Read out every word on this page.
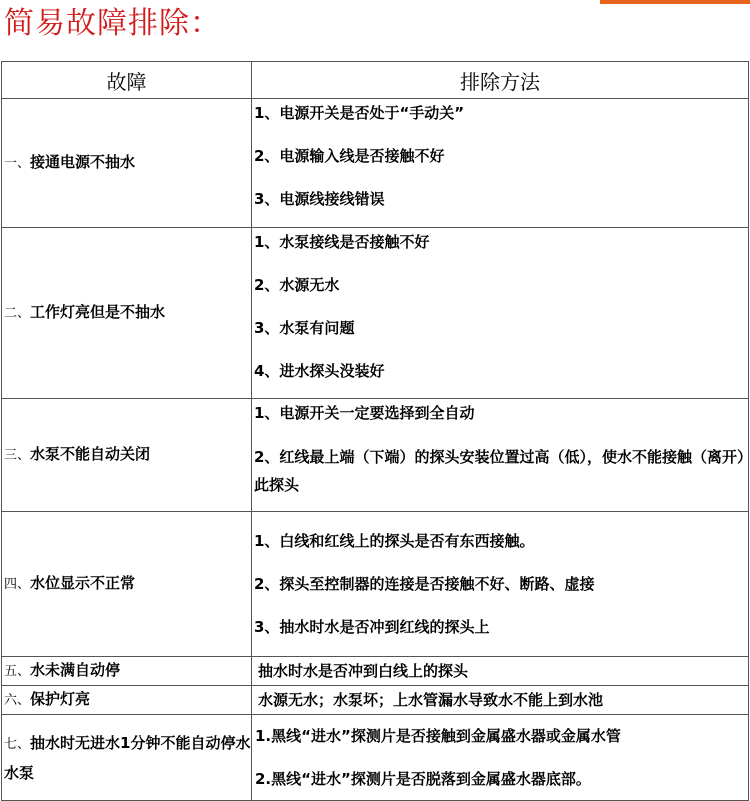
简易故障排除：
故障	排除方法
一、接通电源不抽水	1、电源开关是否处于“手动关”
2、电源输入线是否接触不好
3、电源线接线错误

二、工作灯亮但是不抽水	1、水泵接线是否接触不好
2、水源无水
3、水泵有问题
4、进水探头没装好

三、水泵不能自动关闭	1、电源开关一定要选择到全自动
2、红线最上端（下端）的探头安装位置过高（低），使水不能接触（离开）此探头

四、水位显示不正常	1、白线和红线上的探头是否有东西接触。
2、探头至控制器的连接是否接触不好、断路、虚接
3、抽水时水是否冲到红线的探头上

五、水未满自动停	抽水时水是否冲到白线上的探头

六、保护灯亮	水源无水；水泵坏；上水管漏水导致水不能上到水池

七、抽水时无进水1分钟不能自动停水水泵	1.黑线“进水”探测片是否接触到金属盛水器或金属水管
2.黑线“进水”探测片是否脱落到金属盛水器底部。
